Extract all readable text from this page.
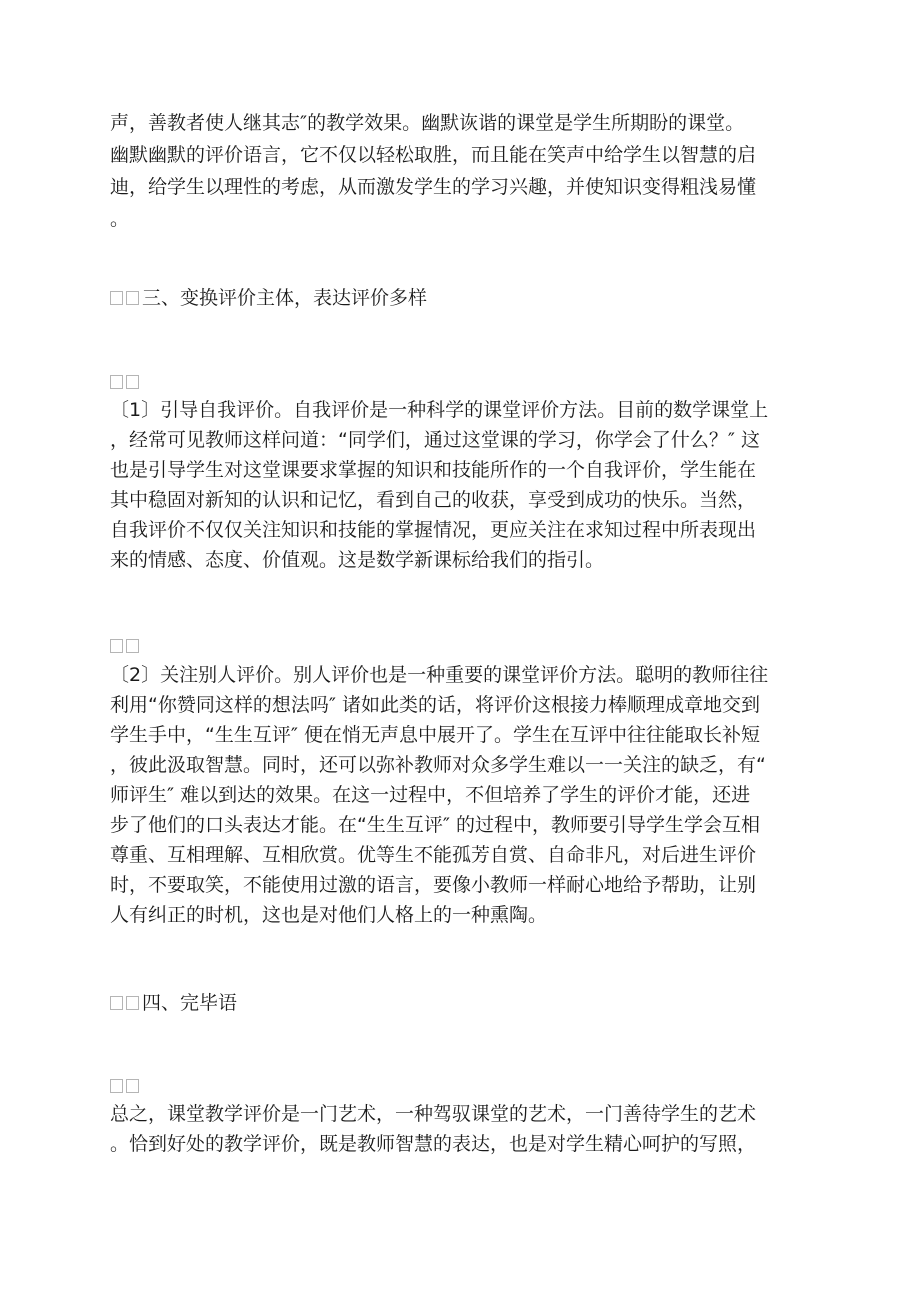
声，善教者使人继其志″的教学效果。幽默诙谐的课堂是学生所期盼的课堂。
幽默幽默的评价语言，它不仅以轻松取胜，而且能在笑声中给学生以智慧的启
迪，给学生以理性的考虑，从而激发学生的学习兴趣，并使知识变得粗浅易懂
。
三、变换评价主体，表达评价多样
〔1〕引导自我评价。自我评价是一种科学的课堂评价方法。目前的数学课堂上
，经常可见教师这样问道：“同学们，通过这堂课的学习，你学会了什么？″ 这
也是引导学生对这堂课要求掌握的知识和技能所作的一个自我评价，学生能在
其中稳固对新知的认识和记忆，看到自己的收获，享受到成功的快乐。当然，
自我评价不仅仅关注知识和技能的掌握情况，更应关注在求知过程中所表现出
来的情感、态度、价值观。这是数学新课标给我们的指引。
〔2〕关注别人评价。别人评价也是一种重要的课堂评价方法。聪明的教师往往
利用“你赞同这样的想法吗″ 诸如此类的话，将评价这根接力棒顺理成章地交到
学生手中，“生生互评″ 便在悄无声息中展开了。学生在互评中往往能取长补短
，彼此汲取智慧。同时，还可以弥补教师对众多学生难以一一关注的缺乏，有“
师评生″ 难以到达的效果。在这一过程中，不但培养了学生的评价才能，还进
步了他们的口头表达才能。在“生生互评″ 的过程中，教师要引导学生学会互相
尊重、互相理解、互相欣赏。优等生不能孤芳自赏、自命非凡，对后进生评价
时，不要取笑，不能使用过激的语言，要像小教师一样耐心地给予帮助，让别
人有纠正的时机，这也是对他们人格上的一种熏陶。
四、完毕语
总之，课堂教学评价是一门艺术，一种驾驭课堂的艺术，一门善待学生的艺术
。恰到好处的教学评价，既是教师智慧的表达，也是对学生精心呵护的写照，
